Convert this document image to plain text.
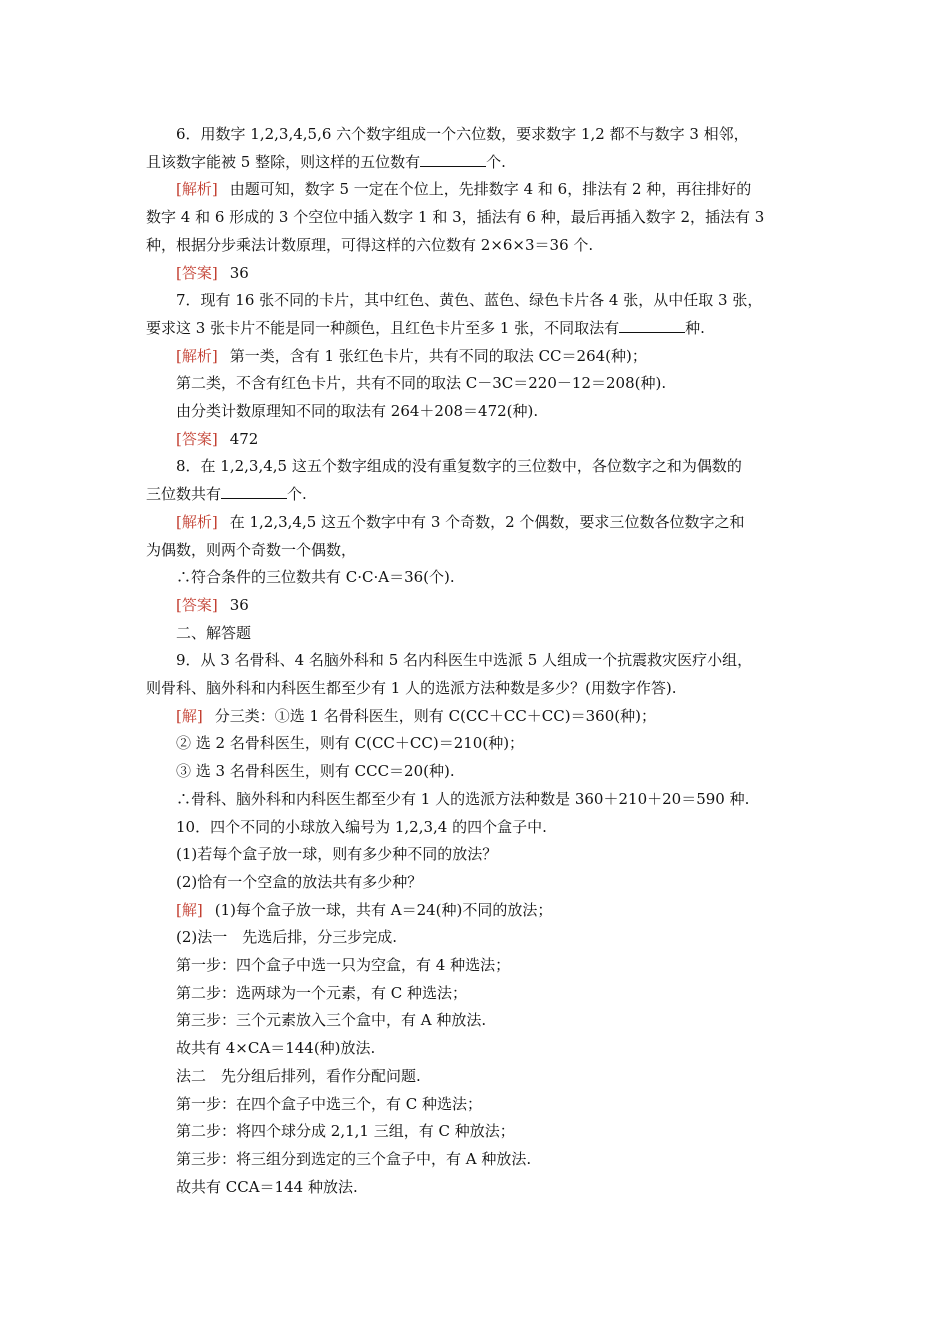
6．用数字 1,2,3,4,5,6 六个数字组成一个六位数，要求数字 1,2 都不与数字 3 相邻，
且该数字能被 5 整除，则这样的五位数有	个.
[解析] 由题可知，数字 5 一定在个位上，先排数字 4 和 6，排法有 2 种，再往排好的
数字 4 和 6 形成的 3 个空位中插入数字 1 和 3，插法有 6 种，最后再插入数字 2，插法有 3
种，根据分步乘法计数原理，可得这样的六位数有 2×6×3＝36 个.
[答案] 36
7．现有 16 张不同的卡片，其中红色、黄色、蓝色、绿色卡片各 4 张，从中任取 3 张，
要求这 3 张卡片不能是同一种颜色，且红色卡片至多 1 张，不同取法有	种.
[解析] 第一类，含有 1 张红色卡片，共有不同的取法 CC＝264(种)；
第二类，不含有红色卡片，共有不同的取法 C－3C＝220－12＝208(种).
由分类计数原理知不同的取法有 264＋208＝472(种).
[答案] 472
8．在 1,2,3,4,5 这五个数字组成的没有重复数字的三位数中，各位数字之和为偶数的
三位数共有	个.
[解析] 在 1,2,3,4,5 这五个数字中有 3 个奇数，2 个偶数，要求三位数各位数字之和
为偶数，则两个奇数一个偶数，
∴符合条件的三位数共有 C·C·A＝36(个).
[答案] 36
二、解答题
9．从 3 名骨科、4 名脑外科和 5 名内科医生中选派 5 人组成一个抗震救灾医疗小组，
则骨科、脑外科和内科医生都至少有 1 人的选派方法种数是多少？(用数字作答).
[解] 分三类：①选 1 名骨科医生，则有 C(CC＋CC＋CC)＝360(种)；
② 选 2 名骨科医生，则有 C(CC＋CC)＝210(种)；
③ 选 3 名骨科医生，则有 CCC＝20(种).
∴骨科、脑外科和内科医生都至少有 1 人的选派方法种数是 360＋210＋20＝590 种.
10．四个不同的小球放入编号为 1,2,3,4 的四个盒子中.
(1)若每个盒子放一球，则有多少种不同的放法？
(2)恰有一个空盒的放法共有多少种？
[解] (1)每个盒子放一球，共有 A＝24(种)不同的放法；
(2)法一　先选后排，分三步完成.
第一步：四个盒子中选一只为空盒，有 4 种选法；
第二步：选两球为一个元素，有 C 种选法；
第三步：三个元素放入三个盒中，有 A 种放法.
故共有 4×CA＝144(种)放法.
法二　先分组后排列，看作分配问题.
第一步：在四个盒子中选三个，有 C 种选法；
第二步：将四个球分成 2,1,1 三组，有 C 种放法；
第三步：将三组分到选定的三个盒子中，有 A 种放法.
故共有 CCA＝144 种放法.
